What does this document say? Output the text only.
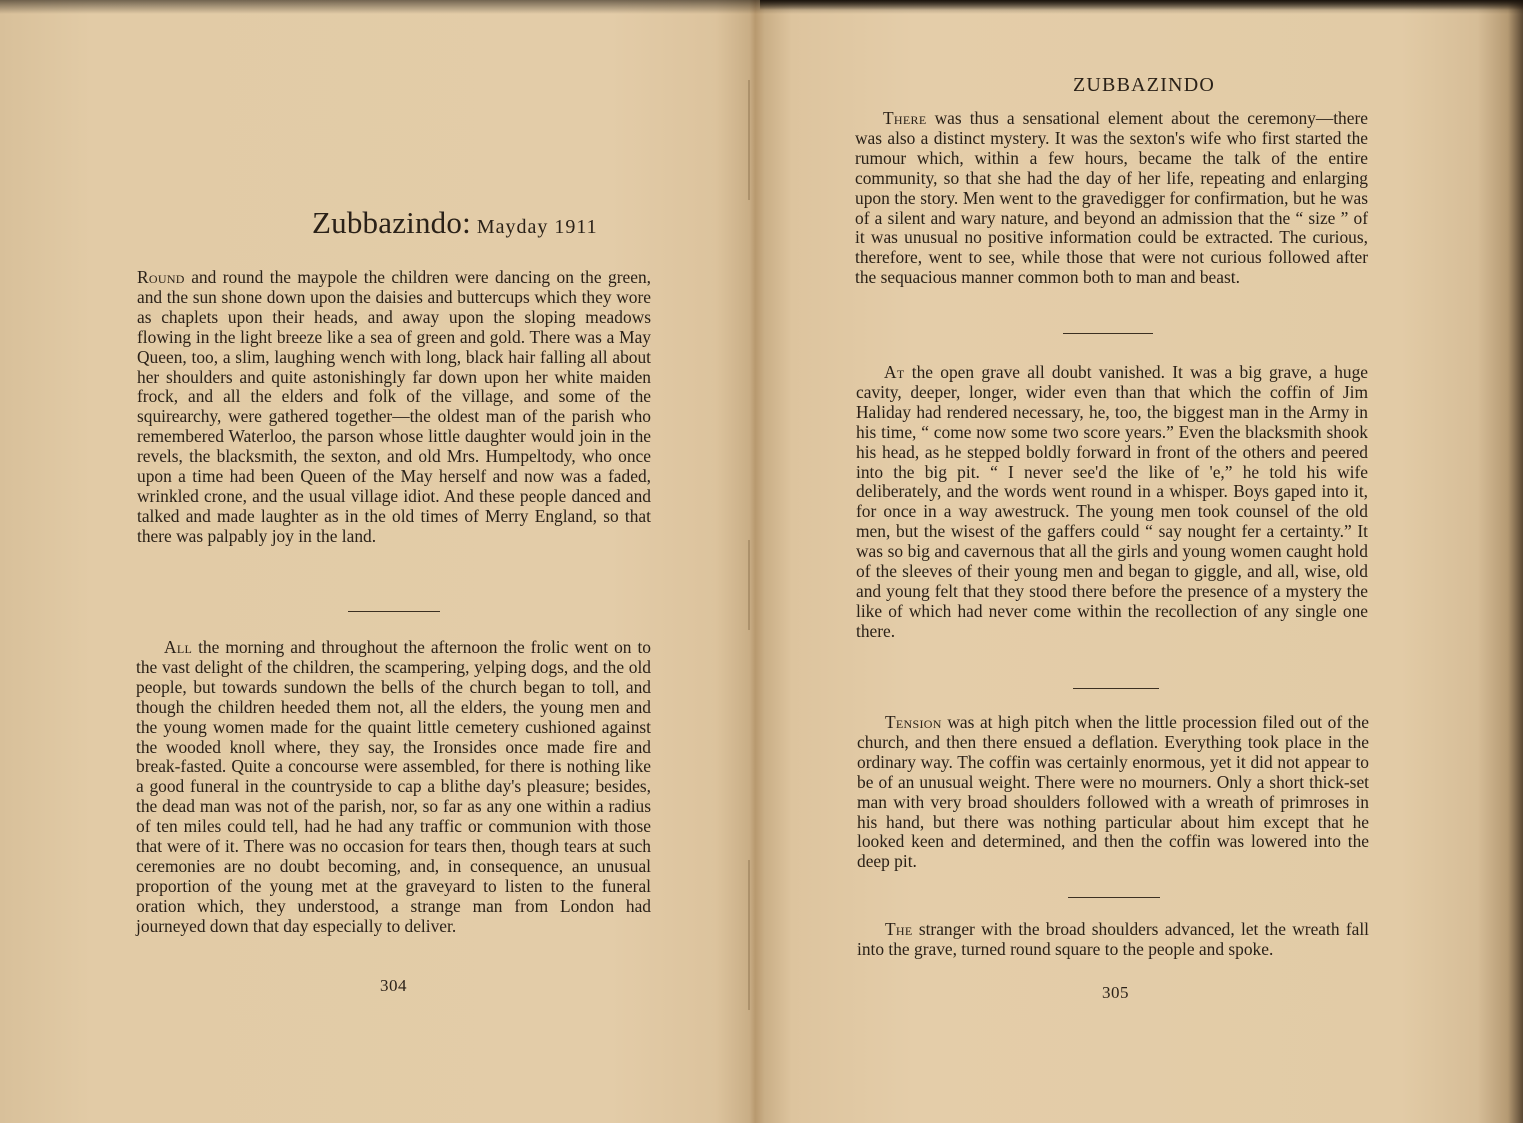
Zubbazindo: Mayday 1911

Round and round the maypole the children were dancing on the green, and the sun shone down upon the daisies and buttercups which they wore as chaplets upon their heads, and away upon the sloping meadows flowing in the light breeze like a sea of green and gold. There was a May Queen, too, a slim, laughing wench with long, black hair falling all about her shoulders and quite astonishingly far down upon her white maiden frock, and all the elders and folk of the village, and some of the squirearchy, were gathered together—the oldest man of the parish who remembered Waterloo, the parson whose little daughter would join in the revels, the blacksmith, the sexton, and old Mrs. Humpeltody, who once upon a time had been Queen of the May herself and now was a faded, wrinkled crone, and the usual village idiot. And these people danced and talked and made laughter as in the old times of Merry England, so that there was palpably joy in the land.

All the morning and throughout the afternoon the frolic went on to the vast delight of the children, the scampering, yelping dogs, and the old people, but towards sundown the bells of the church began to toll, and though the children heeded them not, all the elders, the young men and the young women made for the quaint little cemetery cushioned against the wooded knoll where, they say, the Ironsides once made fire and break-fasted. Quite a concourse were assembled, for there is nothing like a good funeral in the countryside to cap a blithe day's pleasure; besides, the dead man was not of the parish, nor, so far as any one within a radius of ten miles could tell, had he had any traffic or communion with those that were of it. There was no occasion for tears then, though tears at such ceremonies are no doubt becoming, and, in consequence, an unusual proportion of the young met at the graveyard to listen to the funeral oration which, they understood, a strange man from London had journeyed down that day especially to deliver.

304
ZUBBAZINDO

There was thus a sensational element about the ceremony—there was also a distinct mystery. It was the sexton's wife who first started the rumour which, within a few hours, became the talk of the entire community, so that she had the day of her life, repeating and enlarging upon the story. Men went to the gravedigger for confirmation, but he was of a silent and wary nature, and beyond an admission that the “ size ” of it was unusual no positive information could be extracted. The curious, therefore, went to see, while those that were not curious followed after the sequacious manner common both to man and beast.

At the open grave all doubt vanished. It was a big grave, a huge cavity, deeper, longer, wider even than that which the coffin of Jim Haliday had rendered necessary, he, too, the biggest man in the Army in his time, “ come now some two score years.” Even the blacksmith shook his head, as he stepped boldly forward in front of the others and peered into the big pit. “ I never see'd the like of 'e,” he told his wife deliberately, and the words went round in a whisper. Boys gaped into it, for once in a way awestruck. The young men took counsel of the old men, but the wisest of the gaffers could “ say nought fer a certainty.” It was so big and cavernous that all the girls and young women caught hold of the sleeves of their young men and began to giggle, and all, wise, old and young felt that they stood there before the presence of a mystery the like of which had never come within the recollection of any single one there.

Tension was at high pitch when the little procession filed out of the church, and then there ensued a deflation. Everything took place in the ordinary way. The coffin was certainly enormous, yet it did not appear to be of an unusual weight. There were no mourners. Only a short thick-set man with very broad shoulders followed with a wreath of primroses in his hand, but there was nothing particular about him except that he looked keen and determined, and then the coffin was lowered into the deep pit.

The stranger with the broad shoulders advanced, let the wreath fall into the grave, turned round square to the people and spoke.

305
